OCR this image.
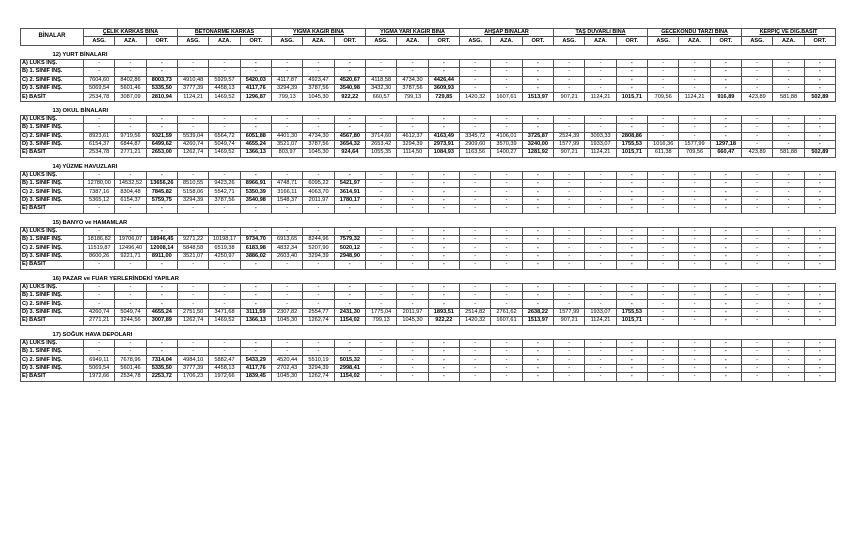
BİNALAR	ÇELİK KARKAS BİNA			BETONARME KARKAS			YIĞMA KAGİR BİNA			YIĞMA YARI KAGİR BİNA			AHŞAP BİNALAR			TAŞ DUVARLI BİNA			GECEKONDU TARZI BİNA			KERPİÇ VE DİĞ.BASİT		
	ASG.	AZA.	ORT.	ASG.	AZA.	ORT.	ASG.	AZA.	ORT.	ASG.	AZA.	ORT.	ASG.	AZA.	ORT.	ASG.	AZA.	ORT.	ASG.	AZA.	ORT.	ASG.	AZA.	ORT.
12) YURT BİNALARI																								
A) LÜKS İNŞ.	-	-	-	-	-	-	-	-	-	-	-	-	-	-	-	-	-	-	-	-	-	-	-	-
B) 1. SINIF İNŞ.	-	-	-	-	-	-	-	-	-	-	-	-	-	-	-	-	-	-	-	-	-	-	-	-
C) 2. SINIF İNŞ.	7604,60	8402,86	8003,73	4910,48	5929,57	5420,03	4117,87	4923,47	4520,67	4118,58	4734,30	4426,44	-	-	-	-	-	-	-	-	-	-	-	-
D) 3. SINIF İNŞ.	5069,54	5601,46	5335,50	3777,39	4458,13	4117,76	3294,39	3787,56	3540,98	3432,30	3787,56	3609,93	-	-	-	-	-	-	-	-	-	-	-	-
E) BASİT	2534,78	3087,09	2810,94	1124,21	1469,52	1296,87	799,13	1045,30	922,22	660,57	799,13	729,85	1420,32	1607,61	1513,97	907,21	1124,21	1015,71	709,56	1124,21	916,89	423,89	581,88	502,89
13) OKUL BİNALARI																								
A) LÜKS İNŞ.	-	-	-	-	-	-	-	-	-	-	-	-	-	-	-	-	-	-	-	-	-	-	-	-
B) 1. SINIF İNŞ.	-	-	-	-	-	-	-	-	-	-	-	-	-	-	-	-	-	-	-	-	-	-	-	-
C) 2. SINIF İNŞ.	8923,61	9719,56	9321,59	5539,04	6564,72	6051,88	4401,30	4734,30	4567,80	3714,60	4612,37	4163,49	3345,72	4106,01	3725,87	2524,39	3093,33	2808,86	-	-	-	-	-	-
D) 3. SINIF İNŞ.	6154,37	6844,87	6499,62	4260,74	5049,74	4655,24	3521,07	3787,56	3654,32	2653,42	3294,39	2973,91	2909,60	3570,39	3240,00	1577,99	1933,07	1755,53	1016,36	1577,99	1297,18	-	-	-
E) BASİT	2534,78	2771,21	2653,00	1262,74	1469,52	1366,13	803,97	1045,30	924,64	1055,35	1114,50	1084,93	1163,56	1400,27	1281,92	907,21	1124,21	1015,71	611,38	709,56	660,47	423,89	581,88	502,89
14) YÜZME HAVUZLARI																								
A) LÜKS İNŞ.	-	-	-	-	-	-	-	-	-	-	-	-	-	-	-	-	-	-	-	-	-	-	-	-
B) 1. SINIF İNŞ.	12780,00	14532,52	13656,26	8510,55	9423,26	8966,91	4748,71	6095,22	5421,97	-	-	-	-	-	-	-	-	-	-	-	-	-	-	-
C) 2. SINIF İNŞ.	7387,16	8304,48	7845,82	5158,06	5542,71	5350,39	3166,11	4063,70	3614,91	-	-	-	-	-	-	-	-	-	-	-	-	-	-	-
D) 3. SINIF İNŞ.	5365,12	6154,37	5759,75	3294,39	3787,56	3540,98	1548,37	2011,97	1780,17	-	-	-	-	-	-	-	-	-	-	-	-	-	-	-
E) BASİT	-	-	-	-	-	-	-	-	-	-	-	-	-	-	-	-	-	-	-	-	-	-	-	-
15) BANYO ve HAMAMLAR																								
A) LÜKS İNŞ.	-	-	-	-	-	-	-	-	-	-	-	-	-	-	-	-	-	-	-	-	-	-	-	-
B) 1. SINIF İNŞ.	18186,82	19706,07	18946,45	9271,22	10198,17	9734,70	6913,65	8244,96	7579,32	-	-	-	-	-	-	-	-	-	-	-	-	-	-	-
C) 2. SINIF İNŞ.	11519,87	12496,40	12008,14	5848,58	6519,38	6183,98	4832,34	5207,90	5020,12	-	-	-	-	-	-	-	-	-	-	-	-	-	-	-
D) 3. SINIF İNŞ.	8600,26	9221,71	8911,00	3521,07	4250,97	3886,02	2603,40	3294,39	2948,90	-	-	-	-	-	-	-	-	-	-	-	-	-	-	-
E) BASİT	-	-	-	-	-	-	-	-	-	-	-	-	-	-	-	-	-	-	-	-	-	-	-	-
16) PAZAR ve FUAR YERLERİNDEKİ YAPILAR																								
A) LÜKS İNŞ.	-	-	-	-	-	-	-	-	-	-	-	-	-	-	-	-	-	-	-	-	-	-	-	-
B) 1. SINIF İNŞ.	-	-	-	-	-	-	-	-	-	-	-	-	-	-	-	-	-	-	-	-	-	-	-	-
C) 2. SINIF İNŞ.	-	-	-	-	-	-	-	-	-	-	-	-	-	-	-	-	-	-	-	-	-	-	-	-
D) 3. SINIF İNŞ.	4260,74	5049,74	4655,24	2751,50	3471,68	3111,59	2307,82	2554,77	2431,30	1775,04	2011,97	1893,51	2514,82	2761,62	2638,22	1577,99	1933,07	1755,53	-	-	-	-	-	-
E) BASİT	2771,21	3244,56	3007,89	1262,74	1469,52	1366,13	1045,30	1262,74	1154,02	799,13	1045,30	922,22	1420,32	1607,61	1513,97	907,21	1124,21	1015,71	-	-	-	-	-	-
17) SOĞUK HAVA DEPOLARI																								
A) LÜKS İNŞ.	-	-	-	-	-	-	-	-	-	-	-	-	-	-	-	-	-	-	-	-	-	-	-	-
B) 1. SINIF İNŞ.	-	-	-	-	-	-	-	-	-	-	-	-	-	-	-	-	-	-	-	-	-	-	-	-
C) 2. SINIF İNŞ.	6949,11	7678,96	7314,04	4984,10	5882,47	5433,29	4520,44	5510,19	5015,32	-	-	-	-	-	-	-	-	-	-	-	-	-	-	-
D) 3. SINIF İNŞ.	5069,54	5601,46	5335,50	3777,39	4458,13	4117,76	2702,43	3294,39	2998,41	-	-	-	-	-	-	-	-	-	-	-	-	-	-	-
E) BASİT	1972,66	2534,78	2253,72	1706,23	1972,66	1839,45	1045,30	1262,74	1154,02	-	-	-	-	-	-	-	-	-	-	-	-	-	-	-
